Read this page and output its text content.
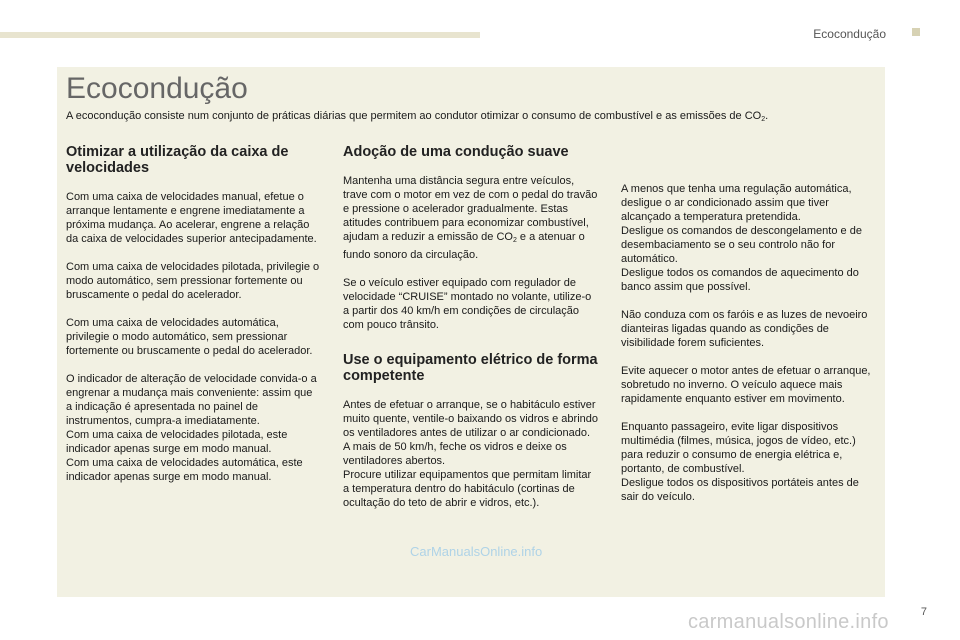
Ecocondução
Ecocondução

A ecocondução consiste num conjunto de práticas diárias que permitem ao condutor otimizar o consumo de combustível e as emissões de $CO_2$.

Otimizar a utilização da caixa de velocidades

Com uma caixa de velocidades manual, efetue o arranque lentamente e engrene imediatamente a próxima mudança. Ao acelerar, engrene a relação da caixa de velocidades superior antecipadamente.

Com uma caixa de velocidades pilotada, privilegie o modo automático, sem pressionar fortemente ou bruscamente o pedal do acelerador.

Com uma caixa de velocidades automática, privilegie o modo automático, sem pressionar fortemente ou bruscamente o pedal do acelerador.

O indicador de alteração de velocidade convida-o a engrenar a mudança mais conveniente: assim que a indicação é apresentada no painel de instrumentos, cumpra-a imediatamente.
Com uma caixa de velocidades pilotada, este indicador apenas surge em modo manual.
Com uma caixa de velocidades automática, este indicador apenas surge em modo manual.

Adoção de uma condução suave

Mantenha uma distância segura entre veículos, trave com o motor em vez de com o pedal do travão e pressione o acelerador gradualmente. Estas atitudes contribuem para economizar combustível, ajudam a reduzir a emissão de $CO_2$ e a atenuar o fundo sonoro da circulação.

Se o veículo estiver equipado com regulador de velocidade “CRUISE” montado no volante, utilize-o a partir dos 40 km/h em condições de circulação com pouco trânsito.

Use o equipamento elétrico de forma competente

Antes de efetuar o arranque, se o habitáculo estiver muito quente, ventile-o baixando os vidros e abrindo os ventiladores antes de utilizar o ar condicionado.
A mais de 50 km/h, feche os vidros e deixe os ventiladores abertos.
Procure utilizar equipamentos que permitam limitar a temperatura dentro do habitáculo (cortinas de ocultação do teto de abrir e vidros, etc.).

A menos que tenha uma regulação automática, desligue o ar condicionado assim que tiver alcançado a temperatura pretendida.
Desligue os comandos de descongelamento e de desembaciamento se o seu controlo não for automático.
Desligue todos os comandos de aquecimento do banco assim que possível.

Não conduza com os faróis e as luzes de nevoeiro dianteiras ligadas quando as condições de visibilidade forem suficientes.

Evite aquecer o motor antes de efetuar o arranque, sobretudo no inverno. O veículo aquece mais rapidamente enquanto estiver em movimento.

Enquanto passageiro, evite ligar dispositivos multimédia (filmes, música, jogos de vídeo, etc.) para reduzir o consumo de energia elétrica e, portanto, de combustível.
Desligue todos os dispositivos portáteis antes de sair do veículo.

CarManualsOnline.info
carmanualsonline.info	7
